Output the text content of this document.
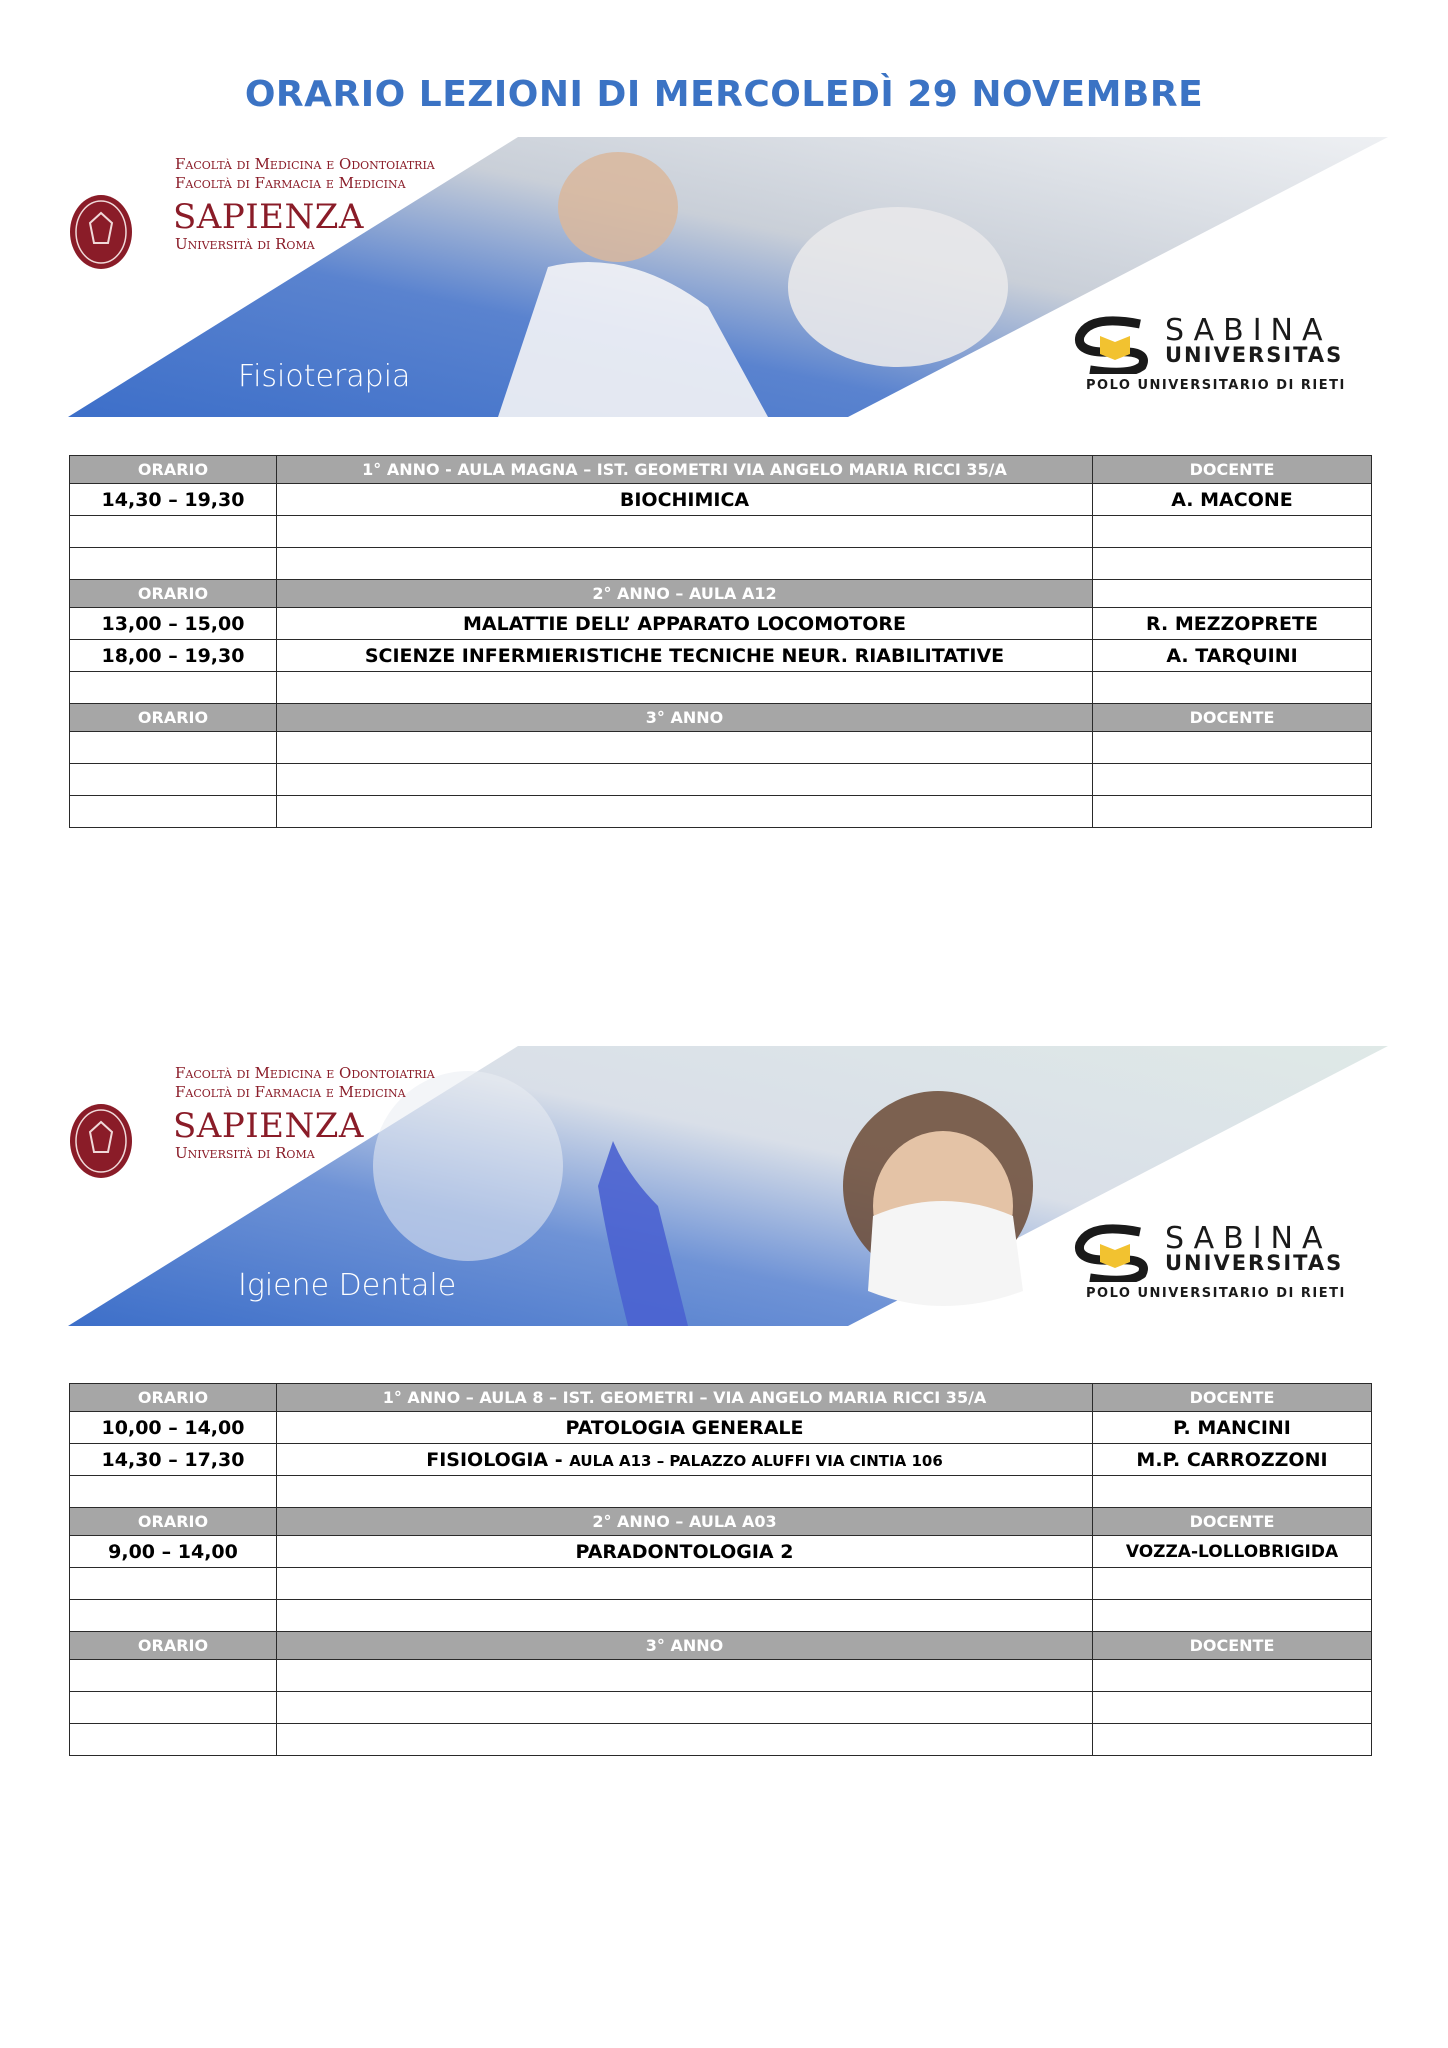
ORARIO LEZIONI DI MERCOLEDÌ 29 NOVEMBRE
Facoltà di Medicina e Odontoiatria
Facoltà di Farmacia e Medicina
SAPIENZA
Università di Roma
Fisioterapia
SABINA
UNIVERSITAS
POLO UNIVERSITARIO DI RIETI
ORARIO	1° ANNO - AULA MAGNA – IST. GEOMETRI VIA ANGELO MARIA RICCI 35/A	DOCENTE
14,30 – 19,30	BIOCHIMICA	A. MACONE

ORARIO	2° ANNO – AULA A12	
13,00 – 15,00	MALATTIE DELL’ APPARATO LOCOMOTORE	R. MEZZOPRETE
18,00 – 19,30	SCIENZE INFERMIERISTICHE TECNICHE NEUR. RIABILITATIVE	A. TARQUINI

ORARIO	3° ANNO	DOCENTE

Facoltà di Medicina e Odontoiatria
Facoltà di Farmacia e Medicina
SAPIENZA
Università di Roma
Igiene Dentale
SABINA
UNIVERSITAS
POLO UNIVERSITARIO DI RIETI
ORARIO	1° ANNO – AULA 8 – IST. GEOMETRI – VIA ANGELO MARIA RICCI 35/A	DOCENTE
10,00 – 14,00	PATOLOGIA GENERALE	P. MANCINI
14,30 – 17,30	FISIOLOGIA - AULA A13 – PALAZZO ALUFFI VIA CINTIA 106	M.P. CARROZZONI

ORARIO	2° ANNO – AULA A03	DOCENTE
9,00 – 14,00	PARADONTOLOGIA 2	VOZZA-LOLLOBRIGIDA

ORARIO	3° ANNO	DOCENTE
